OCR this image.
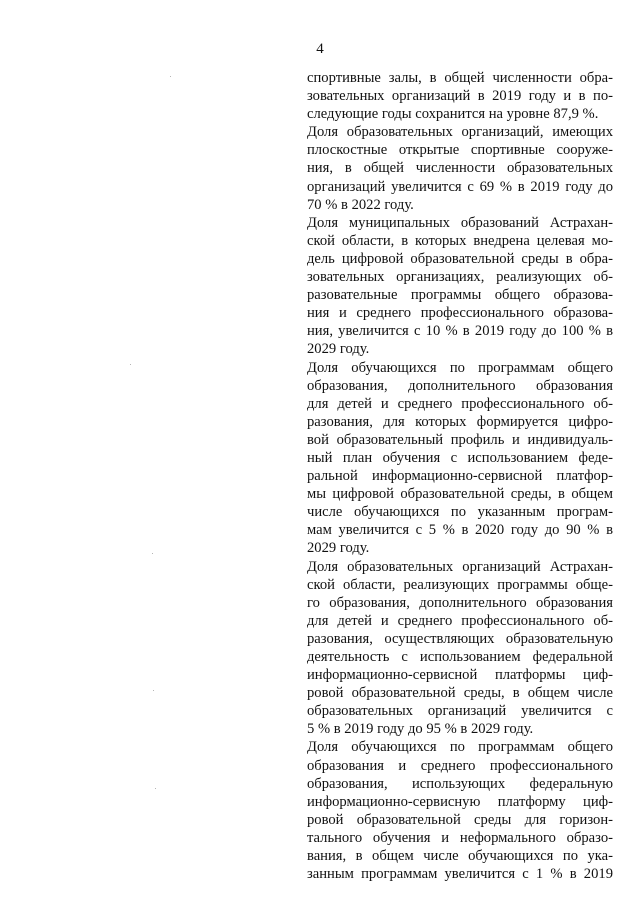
4
спортивные залы, в общей численности обра-
зовательных организаций в 2019 году и в по-
следующие годы сохранится на уровне 87,9 %.
Доля образовательных организаций, имеющих
плоскостные открытые спортивные сооруже-
ния, в общей численности образовательных
организаций увеличится с 69 % в 2019 году до
70 % в 2022 году.
Доля муниципальных образований Астрахан-
ской области, в которых внедрена целевая мо-
дель цифровой образовательной среды в обра-
зовательных организациях, реализующих об-
разовательные программы общего образова-
ния и среднего профессионального образова-
ния, увеличится с 10 % в 2019 году до 100 % в
2029 году.
Доля обучающихся по программам общего
образования, дополнительного образования
для детей и среднего профессионального об-
разования, для которых формируется цифро-
вой образовательный профиль и индивидуаль-
ный план обучения с использованием феде-
ральной информационно-сервисной платфор-
мы цифровой образовательной среды, в общем
числе обучающихся по указанным програм-
мам увеличится с 5 % в 2020 году до 90 % в
2029 году.
Доля образовательных организаций Астрахан-
ской области, реализующих программы обще-
го образования, дополнительного образования
для детей и среднего профессионального об-
разования, осуществляющих образовательную
деятельность с использованием федеральной
информационно-сервисной платформы циф-
ровой образовательной среды, в общем числе
образовательных организаций увеличится с
5 % в 2019 году до 95 % в 2029 году.
Доля обучающихся по программам общего
образования и среднего профессионального
образования, использующих федеральную
информационно-сервисную платформу циф-
ровой образовательной среды для горизон-
тального обучения и неформального образо-
вания, в общем числе обучающихся по ука-
занным программам увеличится с 1 % в 2019
